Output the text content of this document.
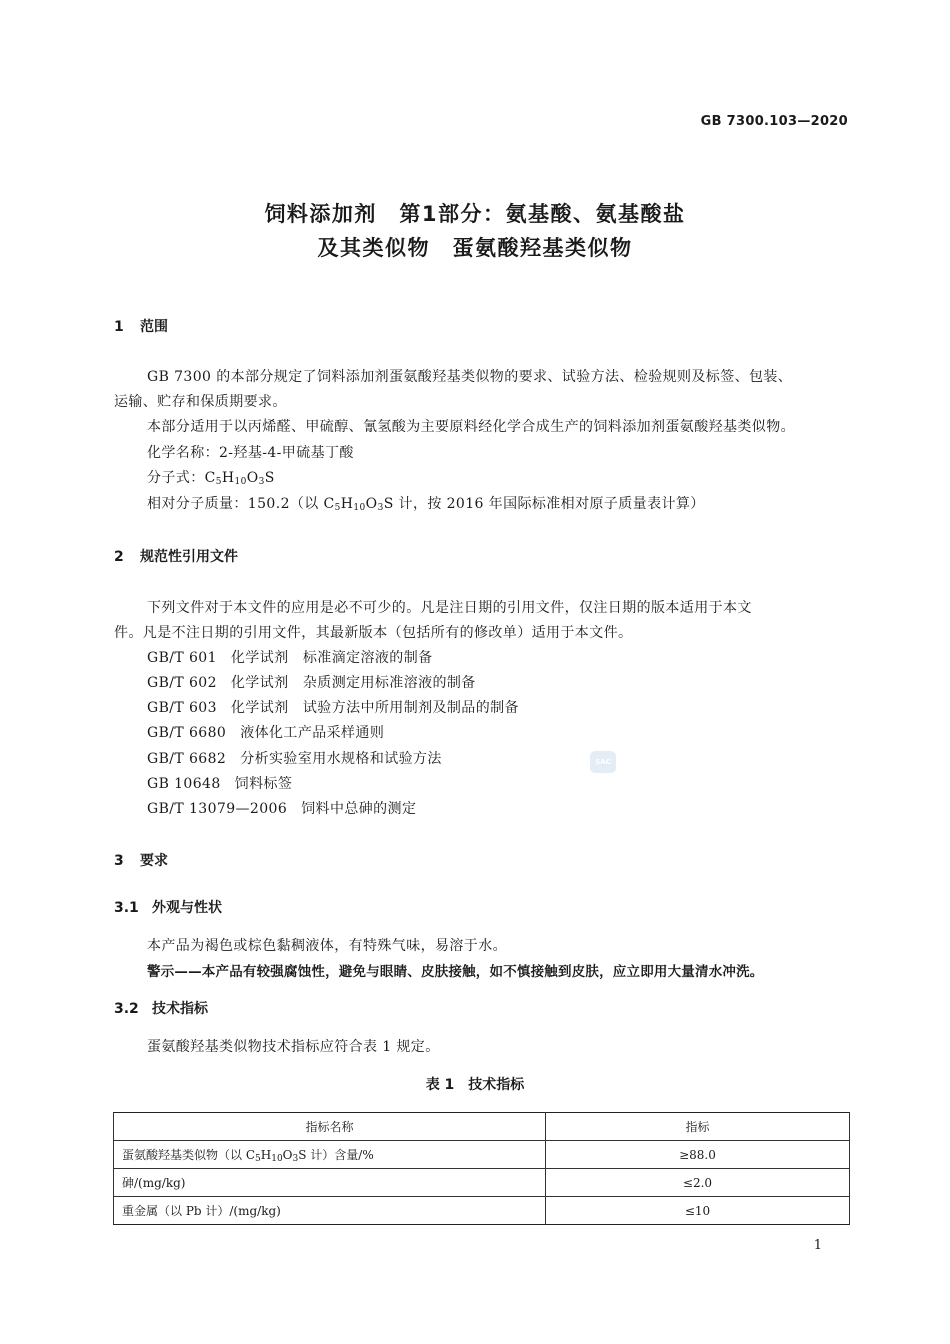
GB 7300.103—2020
饲料添加剂　第1部分：氨基酸、氨基酸盐
及其类似物　蛋氨酸羟基类似物
1 范围
GB 7300 的本部分规定了饲料添加剂蛋氨酸羟基类似物的要求、试验方法、检验规则及标签、包装、
运输、贮存和保质期要求。
本部分适用于以丙烯醛、甲硫醇、氰氢酸为主要原料经化学合成生产的饲料添加剂蛋氨酸羟基类似物。
化学名称：2-羟基-4-甲硫基丁酸
分子式：$C_5H_{10}O_3S$
相对分子质量：150.2（以 $C_5H_{10}O_3S$ 计，按 2016 年国际标准相对原子质量表计算）
2 规范性引用文件
下列文件对于本文件的应用是必不可少的。凡是注日期的引用文件，仅注日期的版本适用于本文
件。凡是不注日期的引用文件，其最新版本（包括所有的修改单）适用于本文件。
GB/T 601 化学试剂　标准滴定溶液的制备
GB/T 602 化学试剂　杂质测定用标准溶液的制备
GB/T 603 化学试剂　试验方法中所用制剂及制品的制备
GB/T 6680 液体化工产品采样通则
GB/T 6682 分析实验室用水规格和试验方法
GB 10648 饲料标签
GB/T 13079—2006 饲料中总砷的测定
SAC
3 要求
3.1 外观与性状
本产品为褐色或棕色黏稠液体，有特殊气味，易溶于水。
警示——本产品有较强腐蚀性，避免与眼睛、皮肤接触，如不慎接触到皮肤，应立即用大量清水冲洗。
3.2 技术指标
蛋氨酸羟基类似物技术指标应符合表 1 规定。
表 1　技术指标
指标名称	指标
蛋氨酸羟基类似物（以 $C_5H_{10}O_3S$ 计）含量/%	≥88.0
砷/(mg/kg)	≤2.0
重金属（以 Pb 计）/(mg/kg)	≤10
1
